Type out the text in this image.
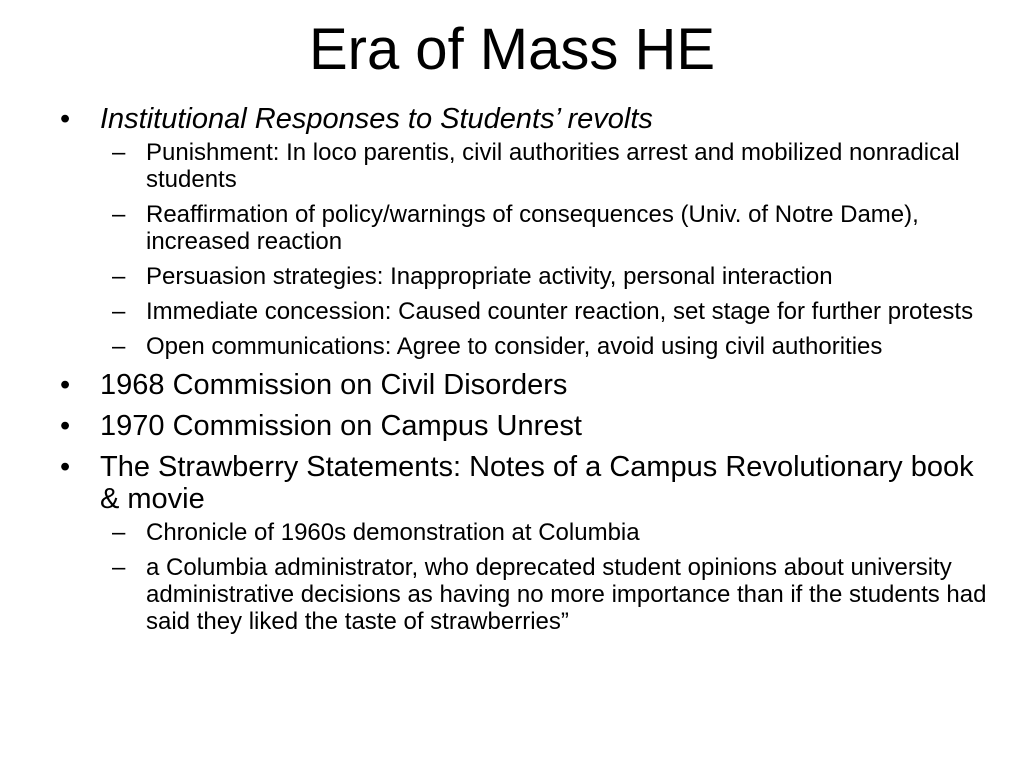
Era of Mass HE
•	Institutional Responses to Students’ revolts
– Punishment: In loco parentis, civil authorities arrest and mobilized nonradical students
– Reaffirmation of policy/warnings of consequences (Univ. of Notre Dame), increased reaction
– Persuasion strategies: Inappropriate activity, personal interaction
– Immediate concession: Caused counter reaction, set stage for further protests
– Open communications: Agree to consider, avoid using civil authorities
•	1968 Commission on Civil Disorders
•	1970 Commission on Campus Unrest
•	The Strawberry Statements: Notes of a Campus Revolutionary book & movie
– Chronicle of 1960s demonstration at Columbia
– a Columbia administrator, who deprecated student opinions about university administrative decisions as having no more importance than if the students had said they liked the taste of strawberries”
